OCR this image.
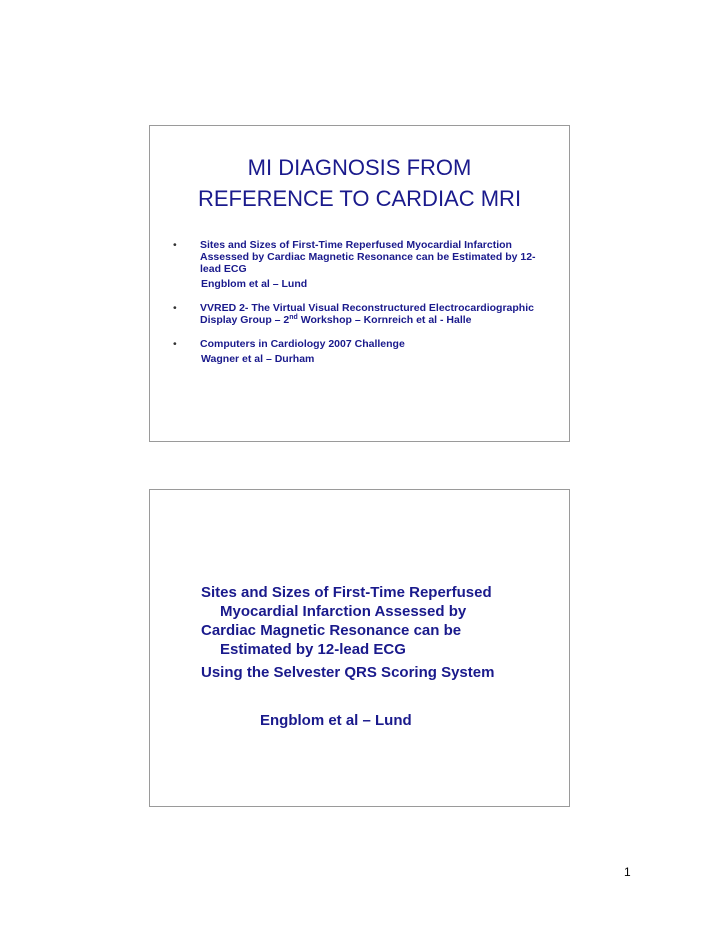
MI DIAGNOSIS FROM
REFERENCE TO CARDIAC MRI
• Sites and Sizes of First-Time Reperfused Myocardial Infarction Assessed by Cardiac Magnetic Resonance can be Estimated by 12-lead ECG
Engblom et al – Lund
• VVRED 2- The Virtual Visual Reconstructured Electrocardiographic Display Group – 2nd Workshop – Kornreich et al - Halle
• Computers in Cardiology 2007 Challenge
Wagner et al – Durham
Sites and Sizes of First-Time Reperfused
Myocardial Infarction Assessed by
Cardiac Magnetic Resonance can be
Estimated by 12-lead ECG
Using the Selvester QRS Scoring System
Engblom et al – Lund
1
